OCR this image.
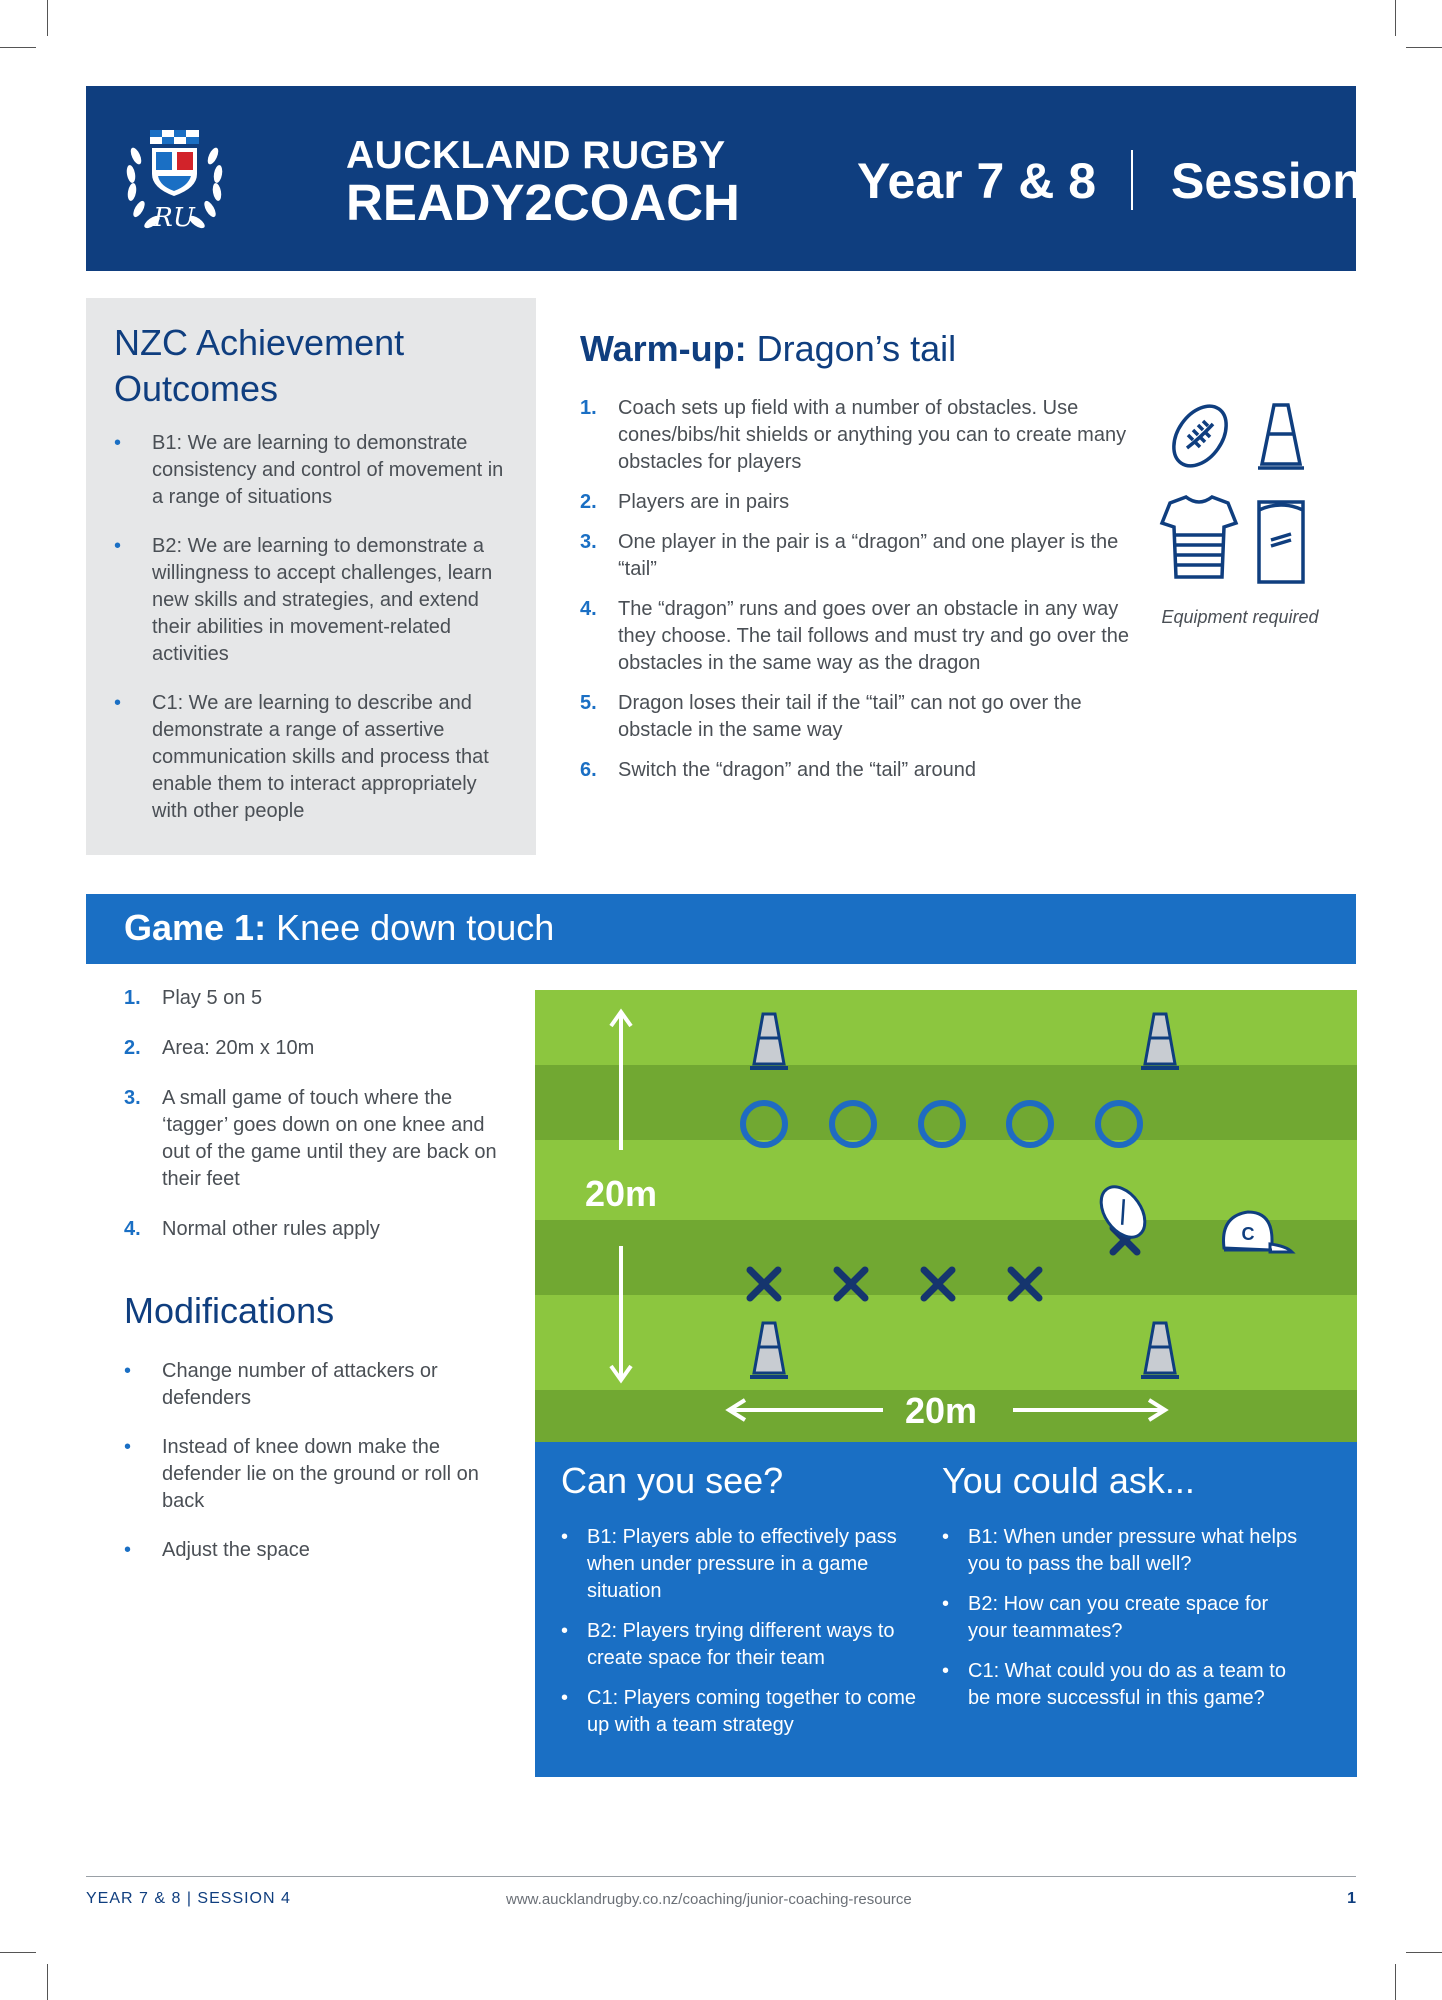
RU
AUCKLAND RUGBY
READY2COACH	Year 7 & 8 Session 4
NZC Achievement Outcomes
• B1: We are learning to demonstrate consistency and control of movement in a range of situations
• B2: We are learning to demonstrate a willingness to accept challenges, learn new skills and strategies, and extend their abilities in movement-related activities
• C1: We are learning to describe and demonstrate a range of assertive communication skills and process that enable them to interact appropriately with other people
Warm-up: Dragon’s tail
1. Coach sets up field with a number of obstacles. Use cones/bibs/hit shields or anything you can to create many obstacles for players
2. Players are in pairs
3. One player in the pair is a “dragon” and one player is the “tail”
4. The “dragon” runs and goes over an obstacle in any way they choose. The tail follows and must try and go over the obstacles in the same way as the dragon
5. Dragon loses their tail if the “tail” can not go over the obstacle in the same way
6. Switch the “dragon” and the “tail” around
Equipment required
Game 1: Knee down touch
1. Play 5 on 5
2. Area: 20m x 10m
3. A small game of touch where the ‘tagger’ goes down on one knee and out of the game until they are back on their feet
4. Normal other rules apply
Modifications
• Change number of attackers or defenders
• Instead of knee down make the defender lie on the ground or roll on back
• Adjust the space
20m
20m
C
Can you see?
• B1: Players able to effectively pass when under pressure in a game situation
• B2: Players trying different ways to create space for their team
• C1: Players coming together to come up with a team strategy
You could ask...
• B1: When under pressure what helps you to pass the ball well?
• B2: How can you create space for your teammates?
• C1: What could you do as a team to be more successful in this game?
YEAR 7 & 8 | SESSION 4	www.aucklandrugby.co.nz/coaching/junior-coaching-resource	1
